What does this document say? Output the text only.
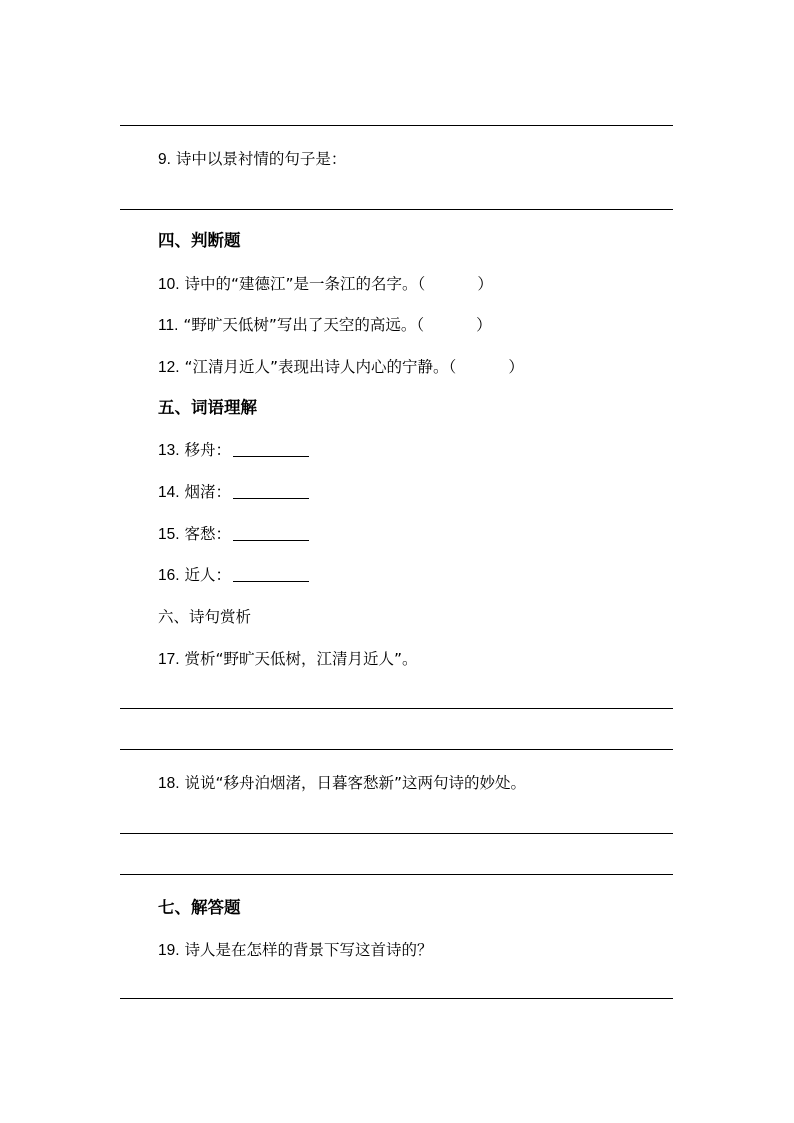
9. 诗中以景衬情的句子是：
四、判断题
10. 诗中的“建德江”是一条江的名字。（	）
11. “野旷天低树”写出了天空的高远。（	）
12. “江清月近人”表现出诗人内心的宁静。（	）
五、词语理解
13. 移舟：
14. 烟渚：
15. 客愁：
16. 近人：
六、诗句赏析
17. 赏析“野旷天低树，江清月近人”。
18. 说说“移舟泊烟渚，日暮客愁新”这两句诗的妙处。
七、解答题
19. 诗人是在怎样的背景下写这首诗的？
